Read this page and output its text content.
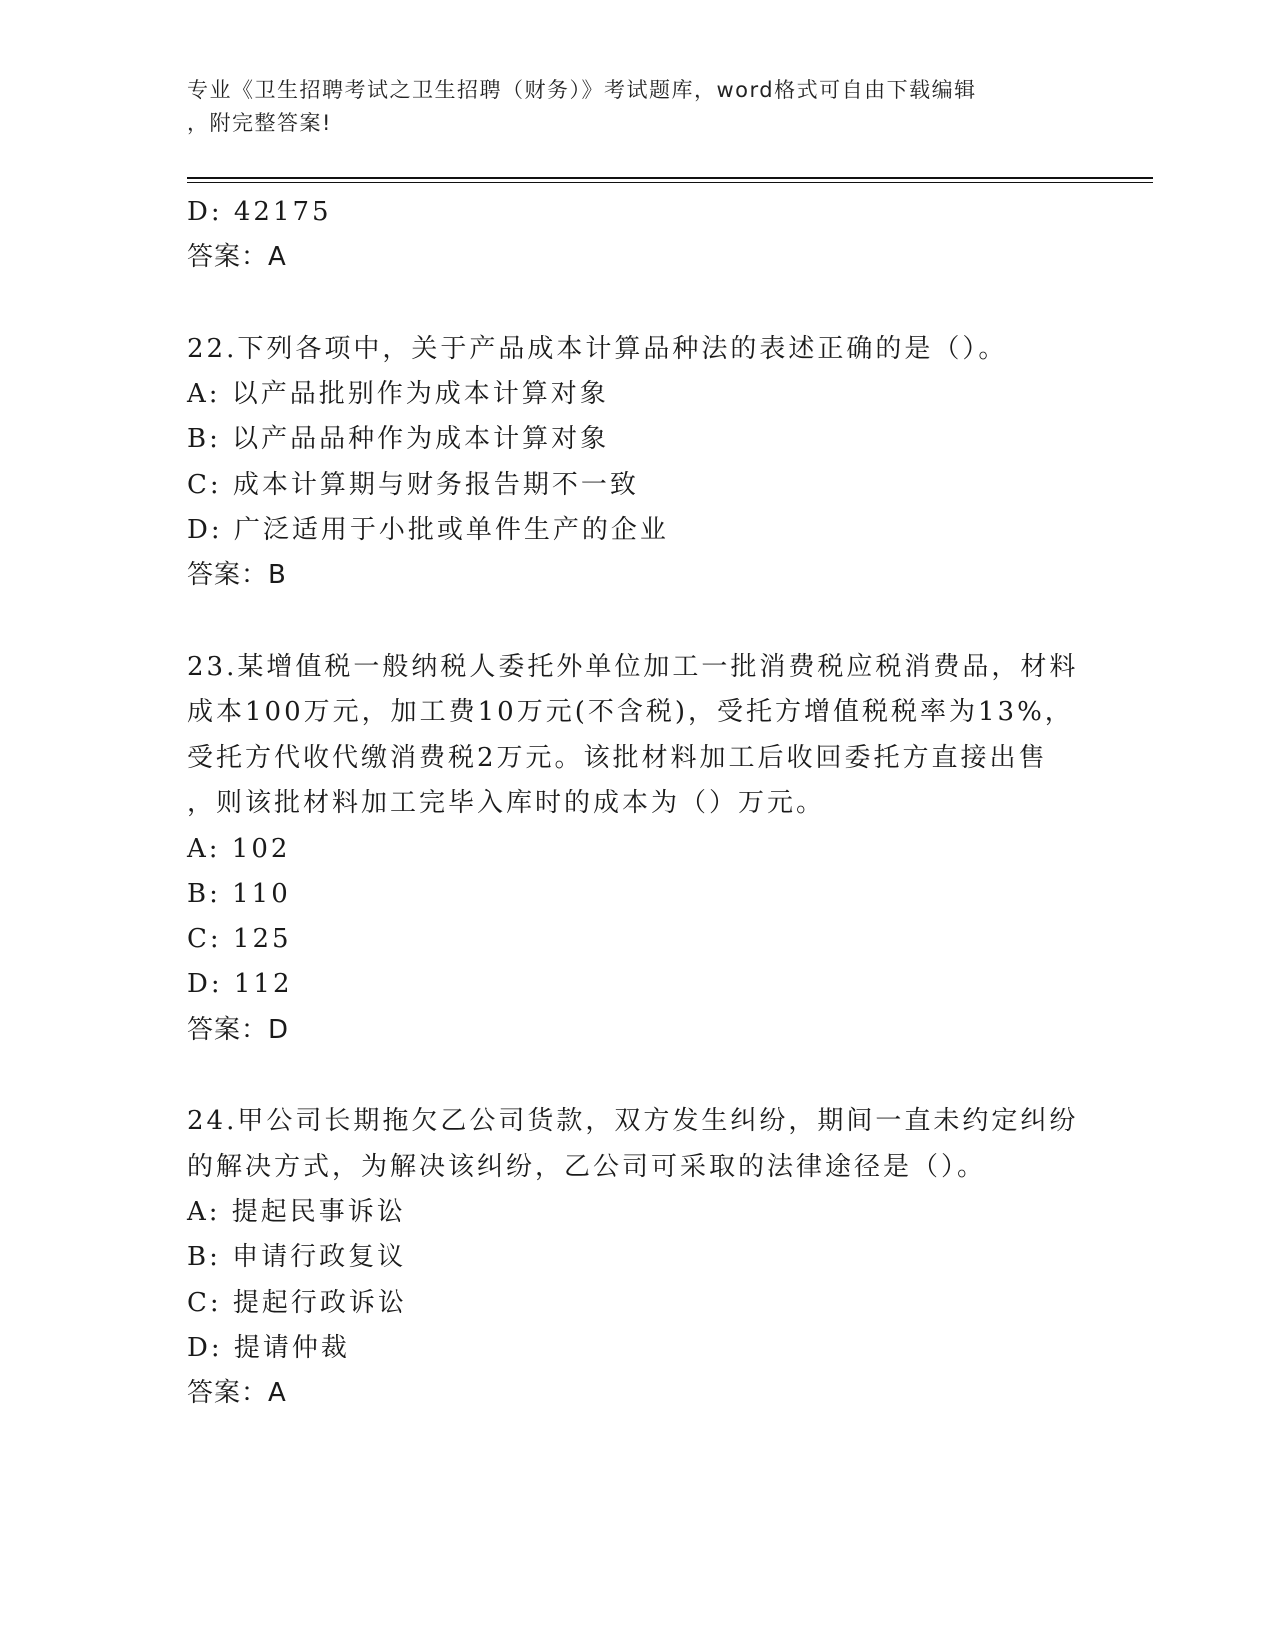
专业《卫生招聘考试之卫生招聘（财务）》考试题库，word格式可自由下载编辑
，附完整答案!
D: 42175
答案：A
22.下列各项中，关于产品成本计算品种法的表述正确的是（）。
A: 以产品批别作为成本计算对象
B: 以产品品种作为成本计算对象
C: 成本计算期与财务报告期不一致
D: 广泛适用于小批或单件生产的企业
答案：B
23.某增值税一般纳税人委托外单位加工一批消费税应税消费品，材料
成本100万元，加工费10万元(不含税)，受托方增值税税率为13%，
受托方代收代缴消费税2万元。该批材料加工后收回委托方直接出售
，则该批材料加工完毕入库时的成本为（）万元。
A: 102
B: 110
C: 125
D: 112
答案：D
24.甲公司长期拖欠乙公司货款，双方发生纠纷，期间一直未约定纠纷
的解决方式，为解决该纠纷，乙公司可采取的法律途径是（）。
A: 提起民事诉讼
B: 申请行政复议
C: 提起行政诉讼
D: 提请仲裁
答案：A
